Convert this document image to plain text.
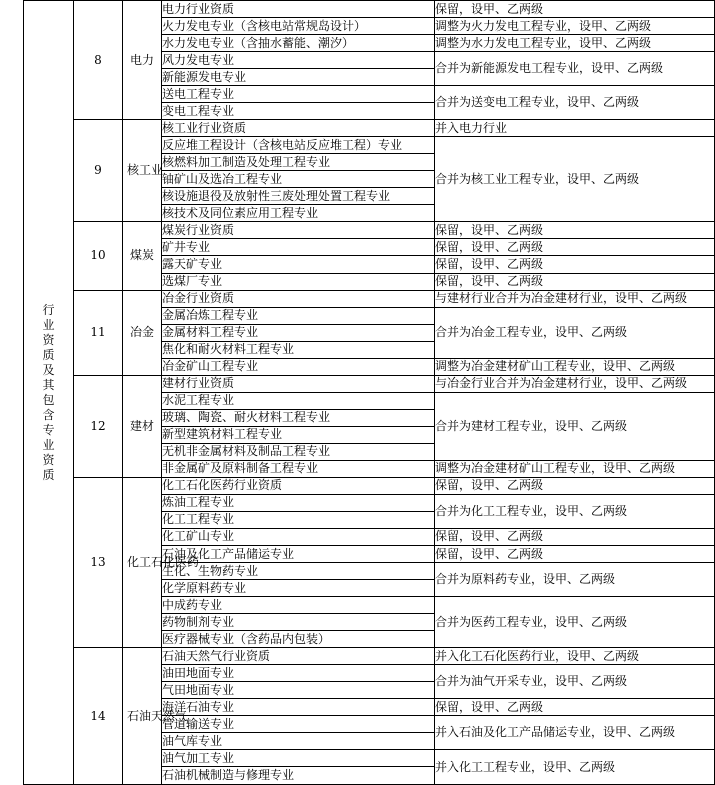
行业资质及其包含专业资质	8	电力	电力行业资质	保留，设甲、乙两级
			火力发电专业（含核电站常规岛设计）	调整为火力发电工程专业，设甲、乙两级
			水力发电专业（含抽水蓄能、潮汐）	调整为水力发电工程专业，设甲、乙两级
			风力发电专业	合并为新能源发电工程专业，设甲、乙两级
			新能源发电专业	
			送电工程专业	合并为送变电工程专业，设甲、乙两级
			变电工程专业	
	9	核工业	核工业行业资质	并入电力行业
			反应堆工程设计（含核电站反应堆工程）专业	合并为核工业工程专业，设甲、乙两级
			核燃料加工制造及处理工程专业	
			铀矿山及选冶工程专业	
			核设施退役及放射性三废处理处置工程专业	
			核技术及同位素应用工程专业	
	10	煤炭	煤炭行业资质	保留，设甲、乙两级
			矿井专业	保留，设甲、乙两级
			露天矿专业	保留，设甲、乙两级
			选煤厂专业	保留，设甲、乙两级
	11	冶金	冶金行业资质	与建材行业合并为冶金建材行业，设甲、乙两级
			金属冶炼工程专业	合并为冶金工程专业，设甲、乙两级
			金属材料工程专业	
			焦化和耐火材料工程专业	
			冶金矿山工程专业	调整为冶金建材矿山工程专业，设甲、乙两级
	12	建材	建材行业资质	与冶金行业合并为冶金建材行业，设甲、乙两级
			水泥工程专业	合并为建材工程专业，设甲、乙两级
			玻璃、陶瓷、耐火材料工程专业	
			新型建筑材料工程专业	
			无机非金属材料及制品工程专业	
			非金属矿及原料制备工程专业	调整为冶金建材矿山工程专业，设甲、乙两级
	13	化工石化医药	化工石化医药行业资质	保留，设甲、乙两级
			炼油工程专业	合并为化工工程专业，设甲、乙两级
			化工工程专业	
			化工矿山专业	保留，设甲、乙两级
			石油及化工产品储运专业	保留，设甲、乙两级
			生化、生物药专业	合并为原料药专业，设甲、乙两级
			化学原料药专业	
			中成药专业	合并为医药工程专业，设甲、乙两级
			药物制剂专业	
			医疗器械专业（含药品内包装）	
	14	石油天然气	石油天然气行业资质	并入化工石化医药行业，设甲、乙两级
			油田地面专业	合并为油气开采专业，设甲、乙两级
			气田地面专业	
			海洋石油专业	保留，设甲、乙两级
			管道输送专业	并入石油及化工产品储运专业，设甲、乙两级
			油气库专业	
			油气加工专业	并入化工工程专业，设甲、乙两级
			石油机械制造与修理专业	
